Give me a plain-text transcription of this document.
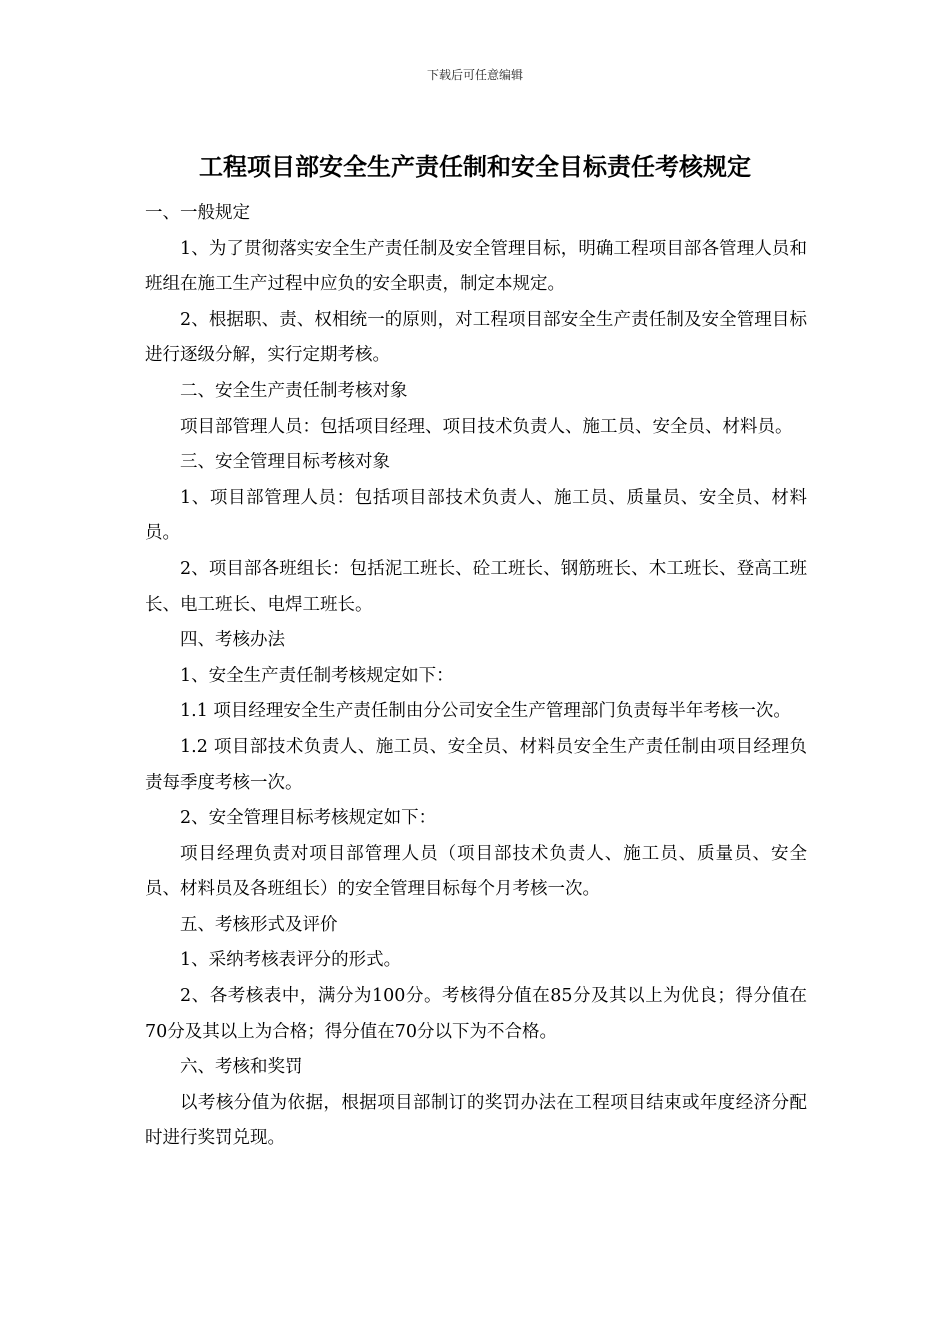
下载后可任意编辑
工程项目部安全生产责任制和安全目标责任考核规定

一、一般规定

1、为了贯彻落实安全生产责任制及安全管理目标，明确工程项目部各管理人员和班组在施工生产过程中应负的安全职责，制定本规定。

2、根据职、责、权相统一的原则，对工程项目部安全生产责任制及安全管理目标进行逐级分解，实行定期考核。

二、安全生产责任制考核对象

项目部管理人员：包括项目经理、项目技术负责人、施工员、安全员、材料员。

三、安全管理目标考核对象

1、项目部管理人员：包括项目部技术负责人、施工员、质量员、安全员、材料员。

2、项目部各班组长：包括泥工班长、砼工班长、钢筋班长、木工班长、登高工班长、电工班长、电焊工班长。

四、考核办法

1、安全生产责任制考核规定如下：

1.1 项目经理安全生产责任制由分公司安全生产管理部门负责每半年考核一次。

1.2 项目部技术负责人、施工员、安全员、材料员安全生产责任制由项目经理负责每季度考核一次。

2、安全管理目标考核规定如下：

项目经理负责对项目部管理人员（项目部技术负责人、施工员、质量员、安全员、材料员及各班组长）的安全管理目标每个月考核一次。

五、考核形式及评价

1、采纳考核表评分的形式。

2、各考核表中，满分为100分。考核得分值在85分及其以上为优良；得分值在70分及其以上为合格；得分值在70分以下为不合格。

六、考核和奖罚

以考核分值为依据，根据项目部制订的奖罚办法在工程项目结束或年度经济分配时进行奖罚兑现。
